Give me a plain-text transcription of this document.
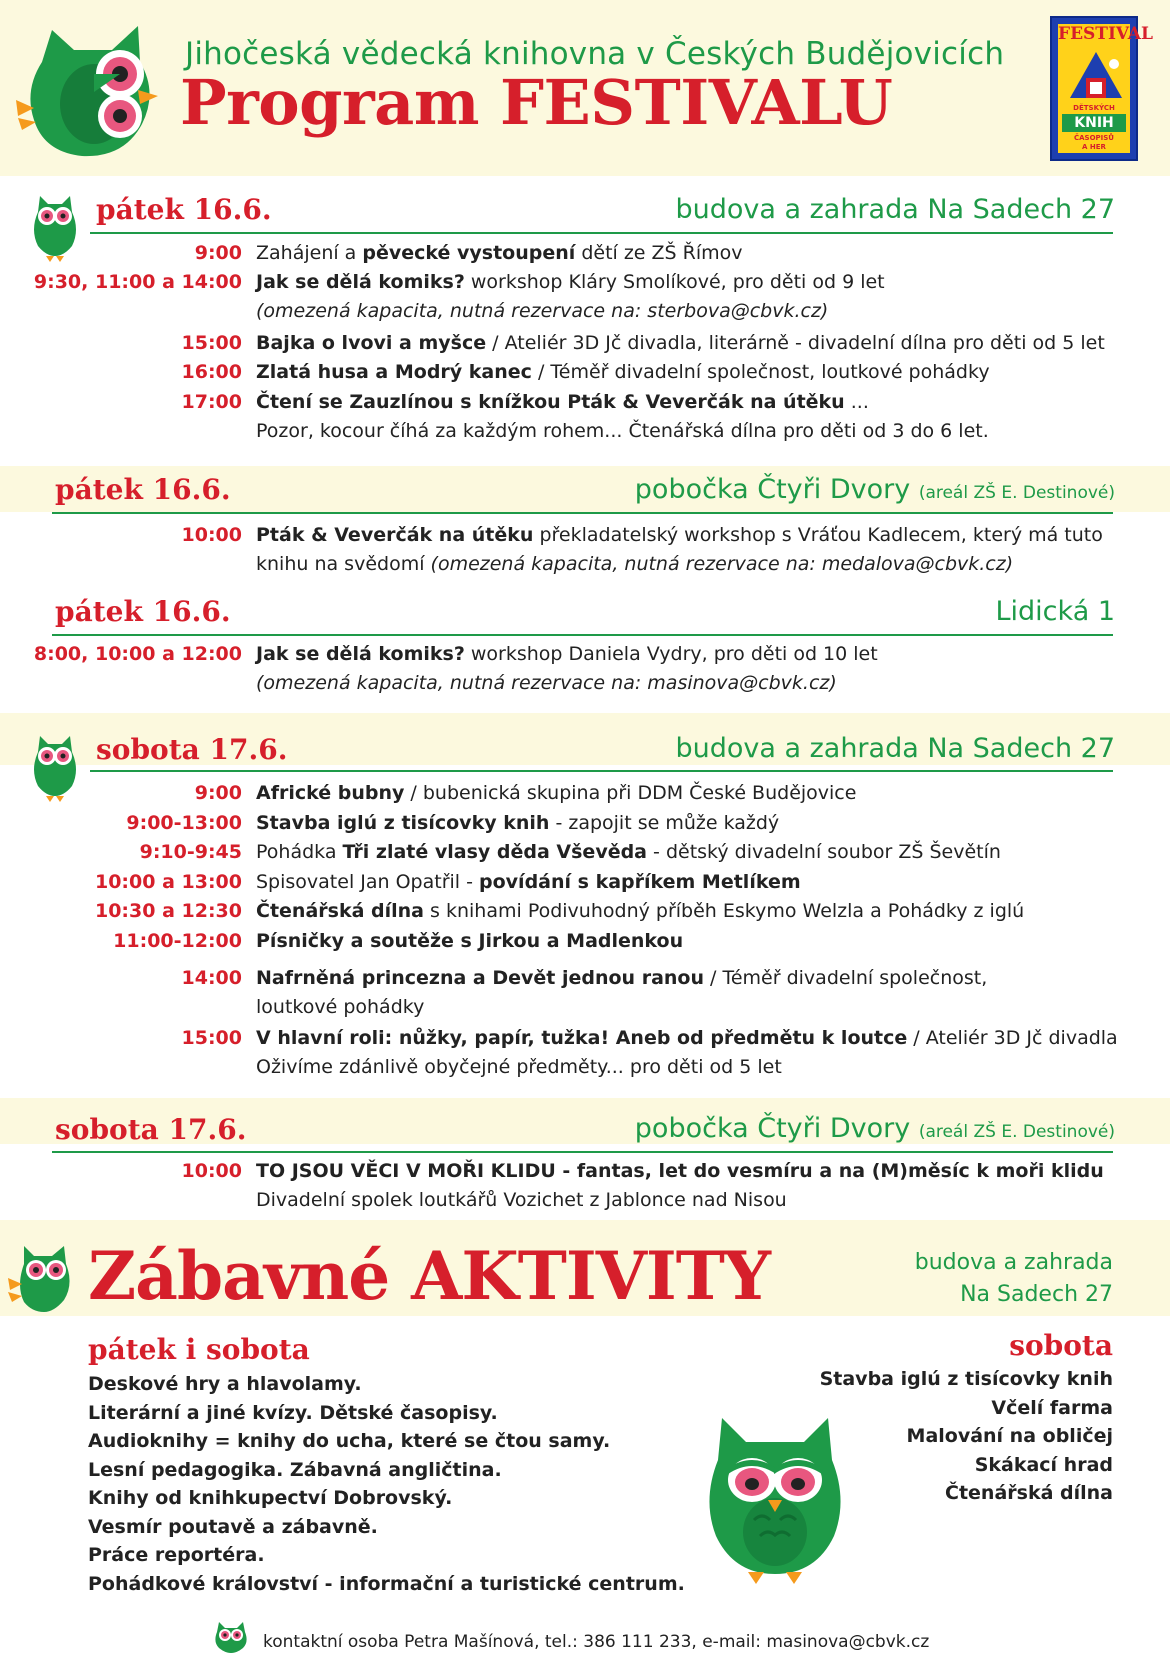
Jihočeská vědecká knihovna v Českých Budějovicích
Program FESTIVALU
FESTIVAL
DĚTSKÝCH
KNIH
ČASOPISŮ
A HER
pátek 16.6.	budova a zahrada Na Sadech 27
9:00 Zahájení a pěvecké vystoupení dětí ze ZŠ Římov
9:30, 11:00 a 14:00 Jak se dělá komiks? workshop Kláry Smolíkové, pro děti od 9 let
(omezená kapacita, nutná rezervace na: sterbova@cbvk.cz)
15:00 Bajka o lvovi a myšce / Ateliér 3D Jč divadla, literárně - divadelní dílna pro děti od 5 let
16:00 Zlatá husa a Modrý kanec / Téměř divadelní společnost, loutkové pohádky
17:00 Čtení se Zauzlínou s knížkou Pták & Veverčák na útěku ...
Pozor, kocour číhá za každým rohem... Čtenářská dílna pro děti od 3 do 6 let.
pátek 16.6.	pobočka Čtyři Dvory (areál ZŠ E. Destinové)
10:00 Pták & Veverčák na útěku překladatelský workshop s Vráťou Kadlecem, který má tuto
knihu na svědomí (omezená kapacita, nutná rezervace na: medalova@cbvk.cz)
pátek 16.6.	Lidická 1
8:00, 10:00 a 12:00 Jak se dělá komiks? workshop Daniela Vydry, pro děti od 10 let
(omezená kapacita, nutná rezervace na: masinova@cbvk.cz)
sobota 17.6.	budova a zahrada Na Sadech 27
9:00 Africké bubny / bubenická skupina při DDM České Budějovice
9:00-13:00 Stavba iglú z tisícovky knih - zapojit se může každý
9:10-9:45 Pohádka Tři zlaté vlasy děda Vševěda - dětský divadelní soubor ZŠ Ševětín
10:00 a 13:00 Spisovatel Jan Opatřil - povídání s kapříkem Metlíkem
10:30 a 12:30 Čtenářská dílna s knihami Podivuhodný příběh Eskymo Welzla a Pohádky z iglú
11:00-12:00 Písničky a soutěže s Jirkou a Madlenkou
14:00 Nafrněná princezna a Devět jednou ranou / Téměř divadelní společnost,
loutkové pohádky
15:00 V hlavní roli: nůžky, papír, tužka! Aneb od předmětu k loutce / Ateliér 3D Jč divadla
Oživíme zdánlivě obyčejné předměty... pro děti od 5 let
sobota 17.6.	pobočka Čtyři Dvory (areál ZŠ E. Destinové)
10:00 TO JSOU VĚCI V MOŘI KLIDU - fantas, let do vesmíru a na (M)měsíc k moři klidu
Divadelní spolek loutkářů Vozichet z Jablonce nad Nisou
Zábavné AKTIVITY	budova a zahrada
Na Sadech 27
pátek i sobota
Deskové hry a hlavolamy.
Literární a jiné kvízy. Dětské časopisy.
Audioknihy = knihy do ucha, které se čtou samy.
Lesní pedagogika. Zábavná angličtina.
Knihy od knihkupectví Dobrovský.
Vesmír poutavě a zábavně.
Práce reportéra.
Pohádkové království - informační a turistické centrum.
sobota
Stavba iglú z tisícovky knih
Včelí farma
Malování na obličej
Skákací hrad
Čtenářská dílna
kontaktní osoba Petra Mašínová, tel.: 386 111 233, e-mail: masinova@cbvk.cz
